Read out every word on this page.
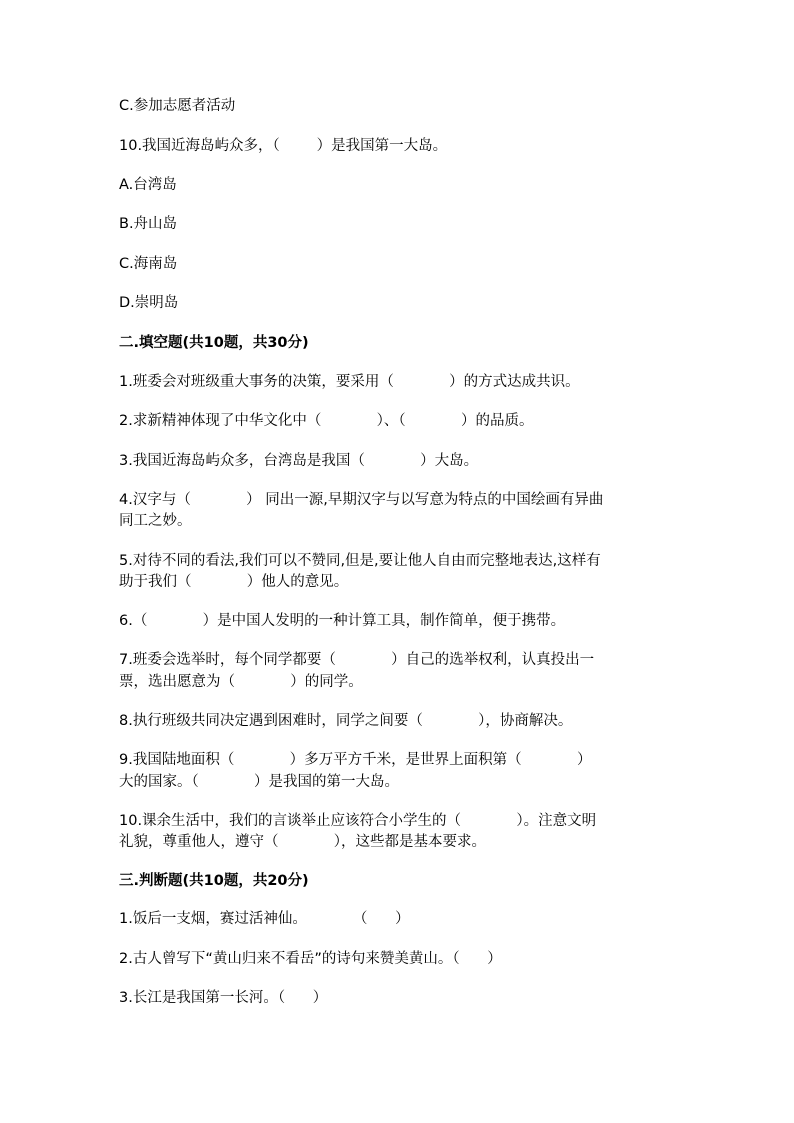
C.参加志愿者活动

10.我国近海岛屿众多，（        ）是我国第一大岛。

A.台湾岛

B.舟山岛

C.海南岛

D.崇明岛

二.填空题(共10题，共30分)

1.班委会对班级重大事务的决策，要采用（            ）的方式达成共识。

2.求新精神体现了中华文化中（            ）、（            ）的品质。

3.我国近海岛屿众多，台湾岛是我国（            ）大岛。

4.汉字与（            ） 同出一源,早期汉字与以写意为特点的中国绘画有异曲

同工之妙。

5.对待不同的看法,我们可以不赞同,但是,要让他人自由而完整地表达,这样有

助于我们（            ）他人的意见。

6.（            ）是中国人发明的一种计算工具，制作简单，便于携带。

7.班委会选举时，每个同学都要（            ）自己的选举权利，认真投出一

票，选出愿意为（            ）的同学。

8.执行班级共同决定遇到困难时，同学之间要（            ），协商解决。

9.我国陆地面积（            ）多万平方千米，是世界上面积第（            ）

大的国家。（            ）是我国的第一大岛。

10.课余生活中，我们的言谈举止应该符合小学生的（            ）。注意文明

礼貌，尊重他人，遵守（            ），这些都是基本要求。

三.判断题(共10题，共20分)

1.饭后一支烟，赛过活神仙。          （      ）

2.古人曾写下“黄山归来不看岳”的诗句来赞美黄山。（      ）

3.长江是我国第一长河。（      ）
